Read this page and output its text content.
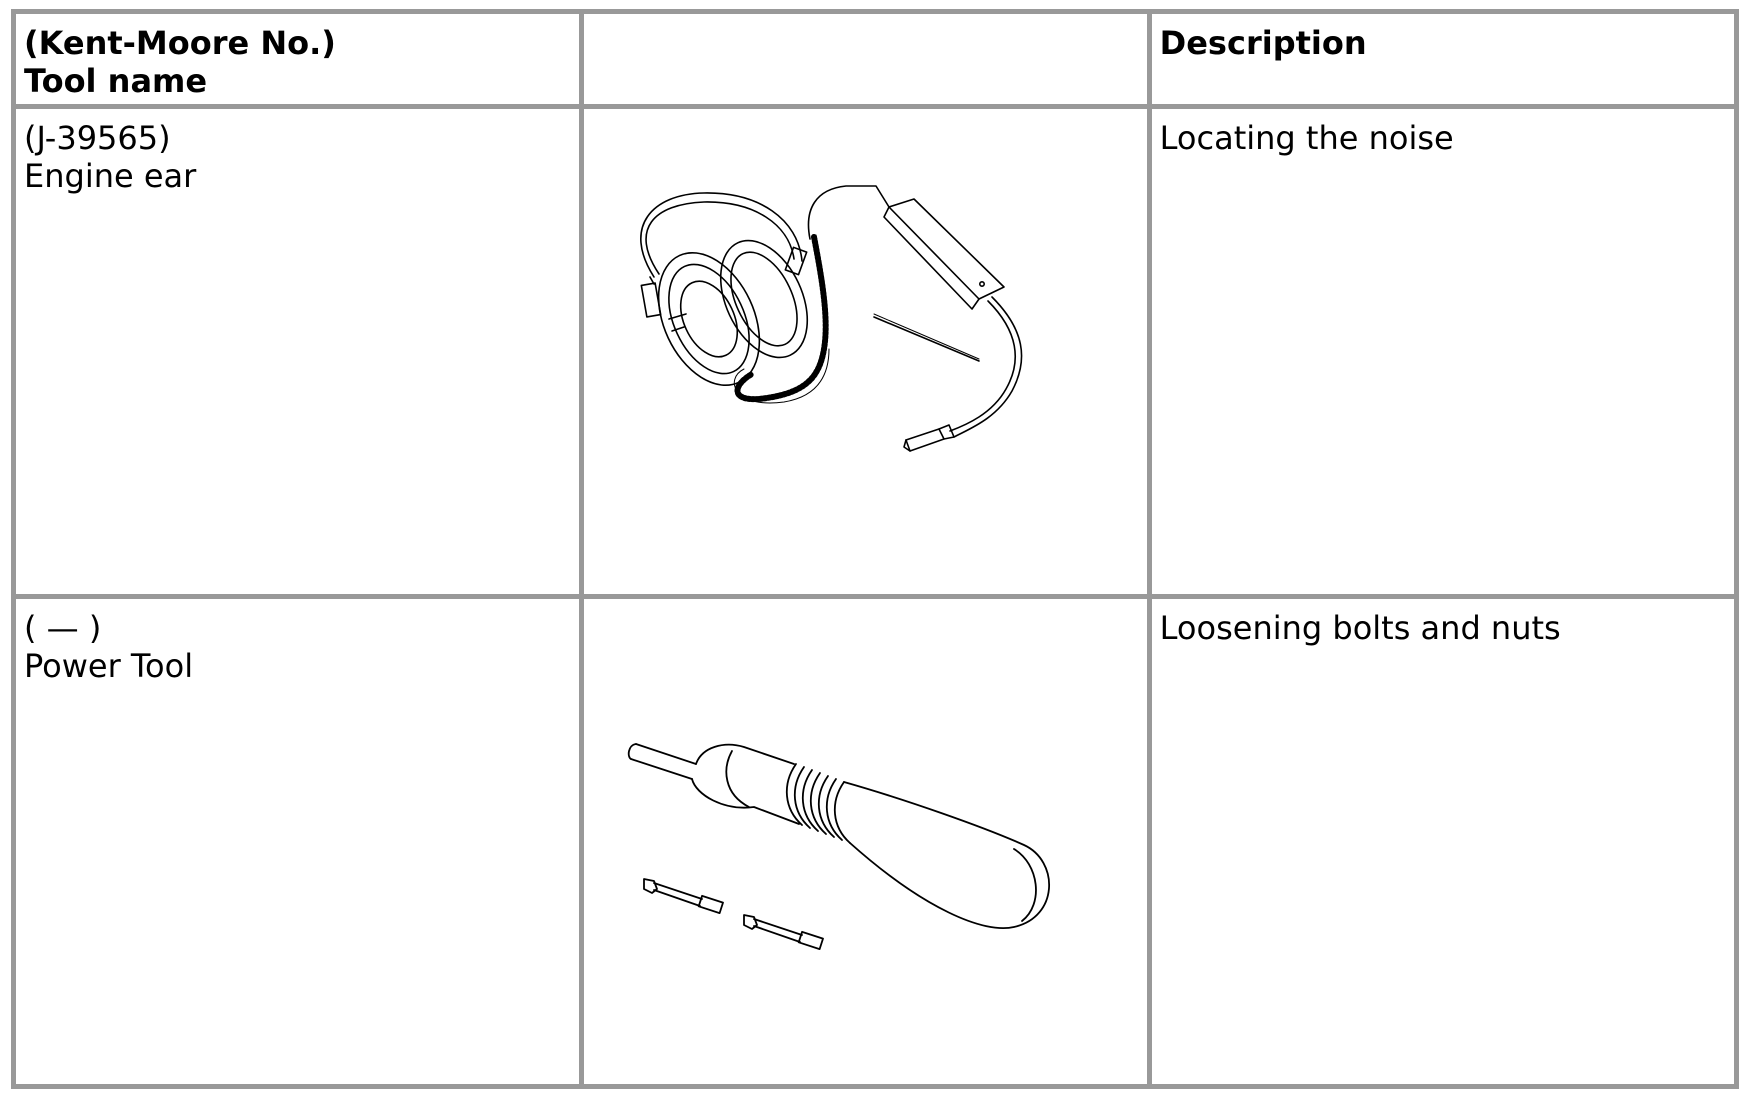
(Kent-Moore No.)
Tool name		Description

(J-39565)
Engine ear		Locating the noise

( — )
Power Tool		Loosening bolts and nuts
